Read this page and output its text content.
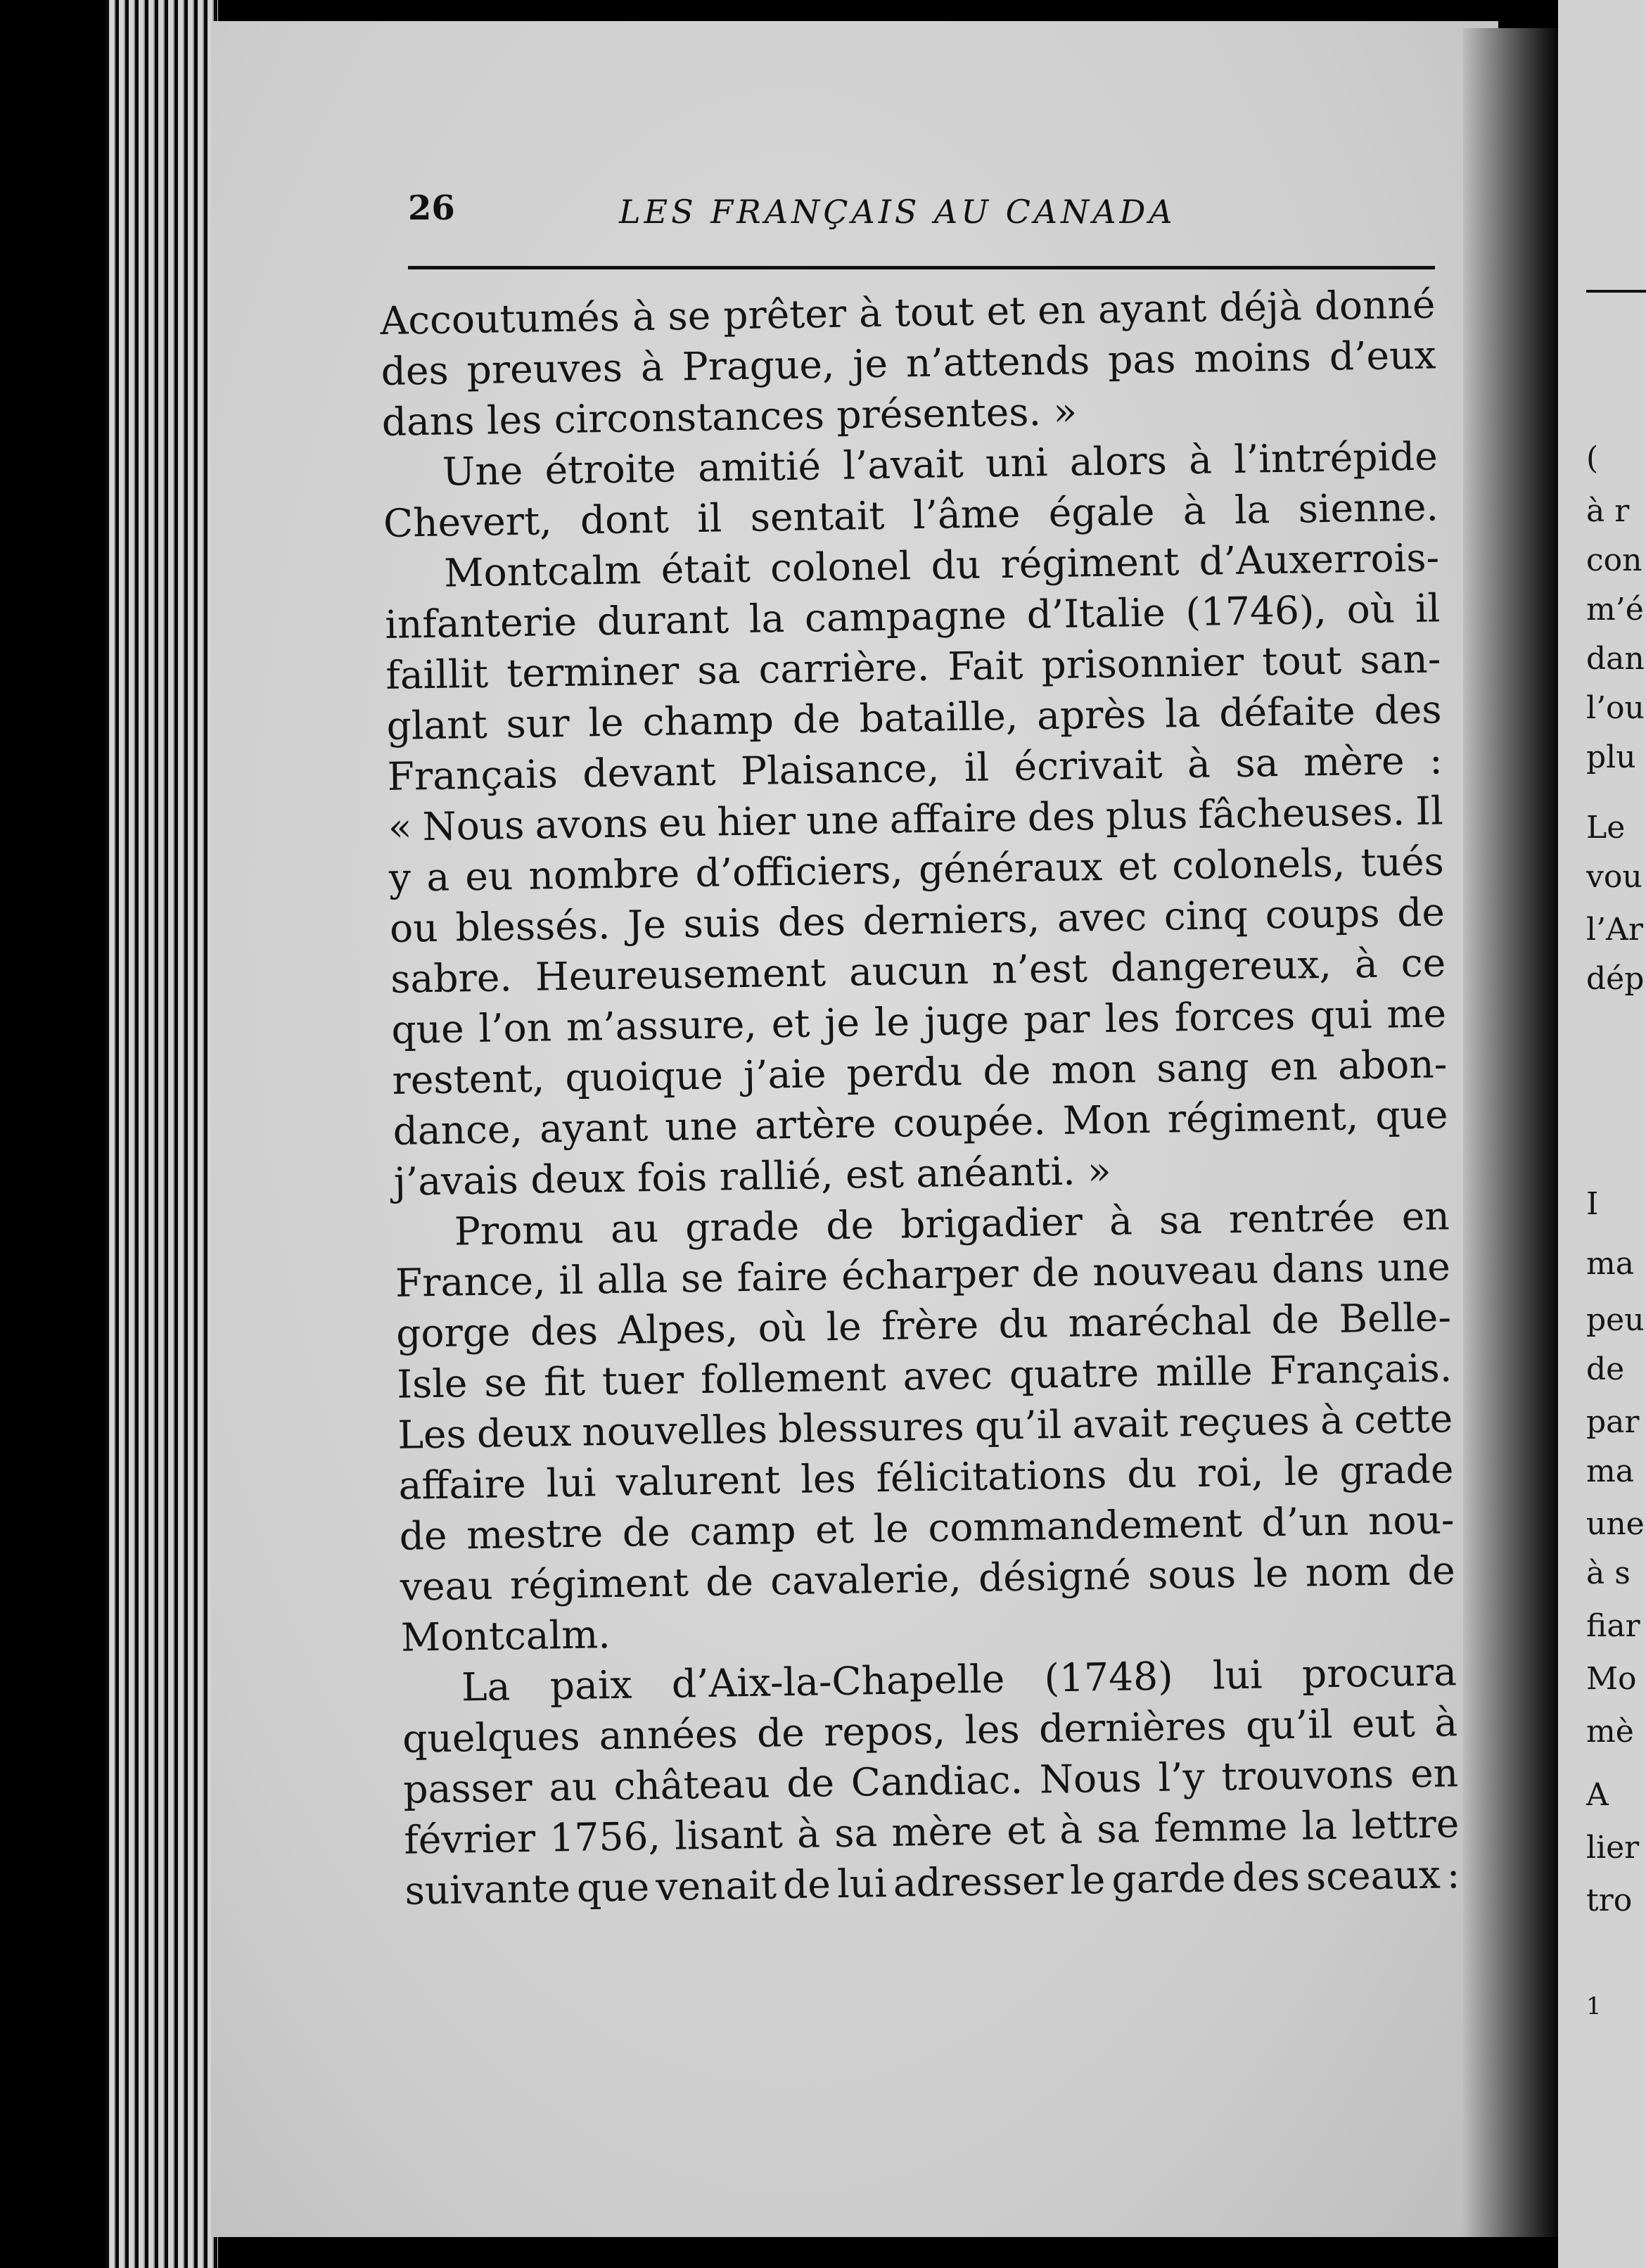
(
à r
con
m’é
dan
l’ou
plu
Le
vou
l’Ar
dép
I
ma
peu
de
par
ma
une
à s
fiar
Mo
mè
A
lier
tro
1
26	LES FRANÇAIS AU CANADA
Accoutumés à se prêter à tout et en ayant déjà donné
des preuves à Prague, je n’attends pas moins d’eux
dans
les
circonstances
présentes.
»
Une étroite amitié l’avait uni alors à l’intrépide
Chevert, dont il sentait l’âme égale à la sienne.
Montcalm était colonel du régiment d’Auxerrois-
infanterie durant la campagne d’Italie (1746), où il
faillit terminer sa carrière. Fait prisonnier tout san-
glant sur le champ de bataille, après la défaite des
Français devant Plaisance, il écrivait à sa mère :
« Nous avons eu hier une affaire des plus fâcheuses. Il
y a eu nombre d’officiers, généraux et colonels, tués
ou blessés. Je suis des derniers, avec cinq coups de
sabre. Heureusement aucun n’est dangereux, à ce
que l’on m’assure, et je le juge par les forces qui me
restent, quoique j’aie perdu de mon sang en abon-
dance, ayant une artère coupée. Mon régiment, que
j’avais
deux
fois
rallié,
est
anéanti.
»
Promu au grade de brigadier à sa rentrée en
France, il alla se faire écharper de nouveau dans une
gorge des Alpes, où le frère du maréchal de Belle-
Isle se fit tuer follement avec quatre mille Français.
Les deux nouvelles blessures qu’il avait reçues à cette
affaire lui valurent les félicitations du roi, le grade
de mestre de camp et le commandement d’un nou-
veau régiment de cavalerie, désigné sous le nom de
Montcalm.
La paix d’Aix-la-Chapelle (1748) lui procura
quelques années de repos, les dernières qu’il eut à
passer au château de Candiac. Nous l’y trouvons en
février 1756, lisant à sa mère et à sa femme la lettre
suivante que venait de lui adresser le garde des sceaux :
